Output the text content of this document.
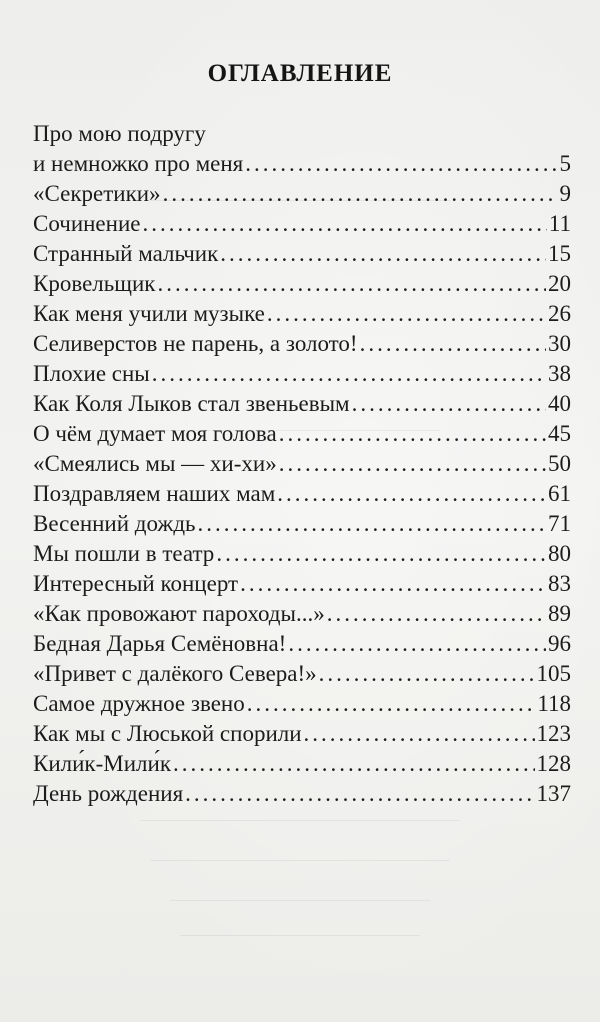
ОГЛАВЛЕНИЕ
Про мою подругу
и немножко про меня .....	5
«Секретики» .....	9
Сочинение .....	11
Странный мальчик .....	15
Кровельщик .....	20
Как меня учили музыке .....	26
Селиверстов не парень, а золото! .....	30
Плохие сны .....	38
Как Коля Лыков стал звеньевым .....	40
О чём думает моя голова .....	45
«Смеялись мы — хи-хи» .....	50
Поздравляем наших мам .....	61
Весенний дождь .....	71
Мы пошли в театр .....	80
Интересный концерт .....	83
«Как провожают пароходы...» .....	89
Бедная Дарья Семёновна! .....	96
«Привет с далёкого Севера!» .....	105
Самое дружное звено .....	118
Как мы с Люськой спорили .....	123
Кили́к-Мили́к .....	128
День рождения .....	137
